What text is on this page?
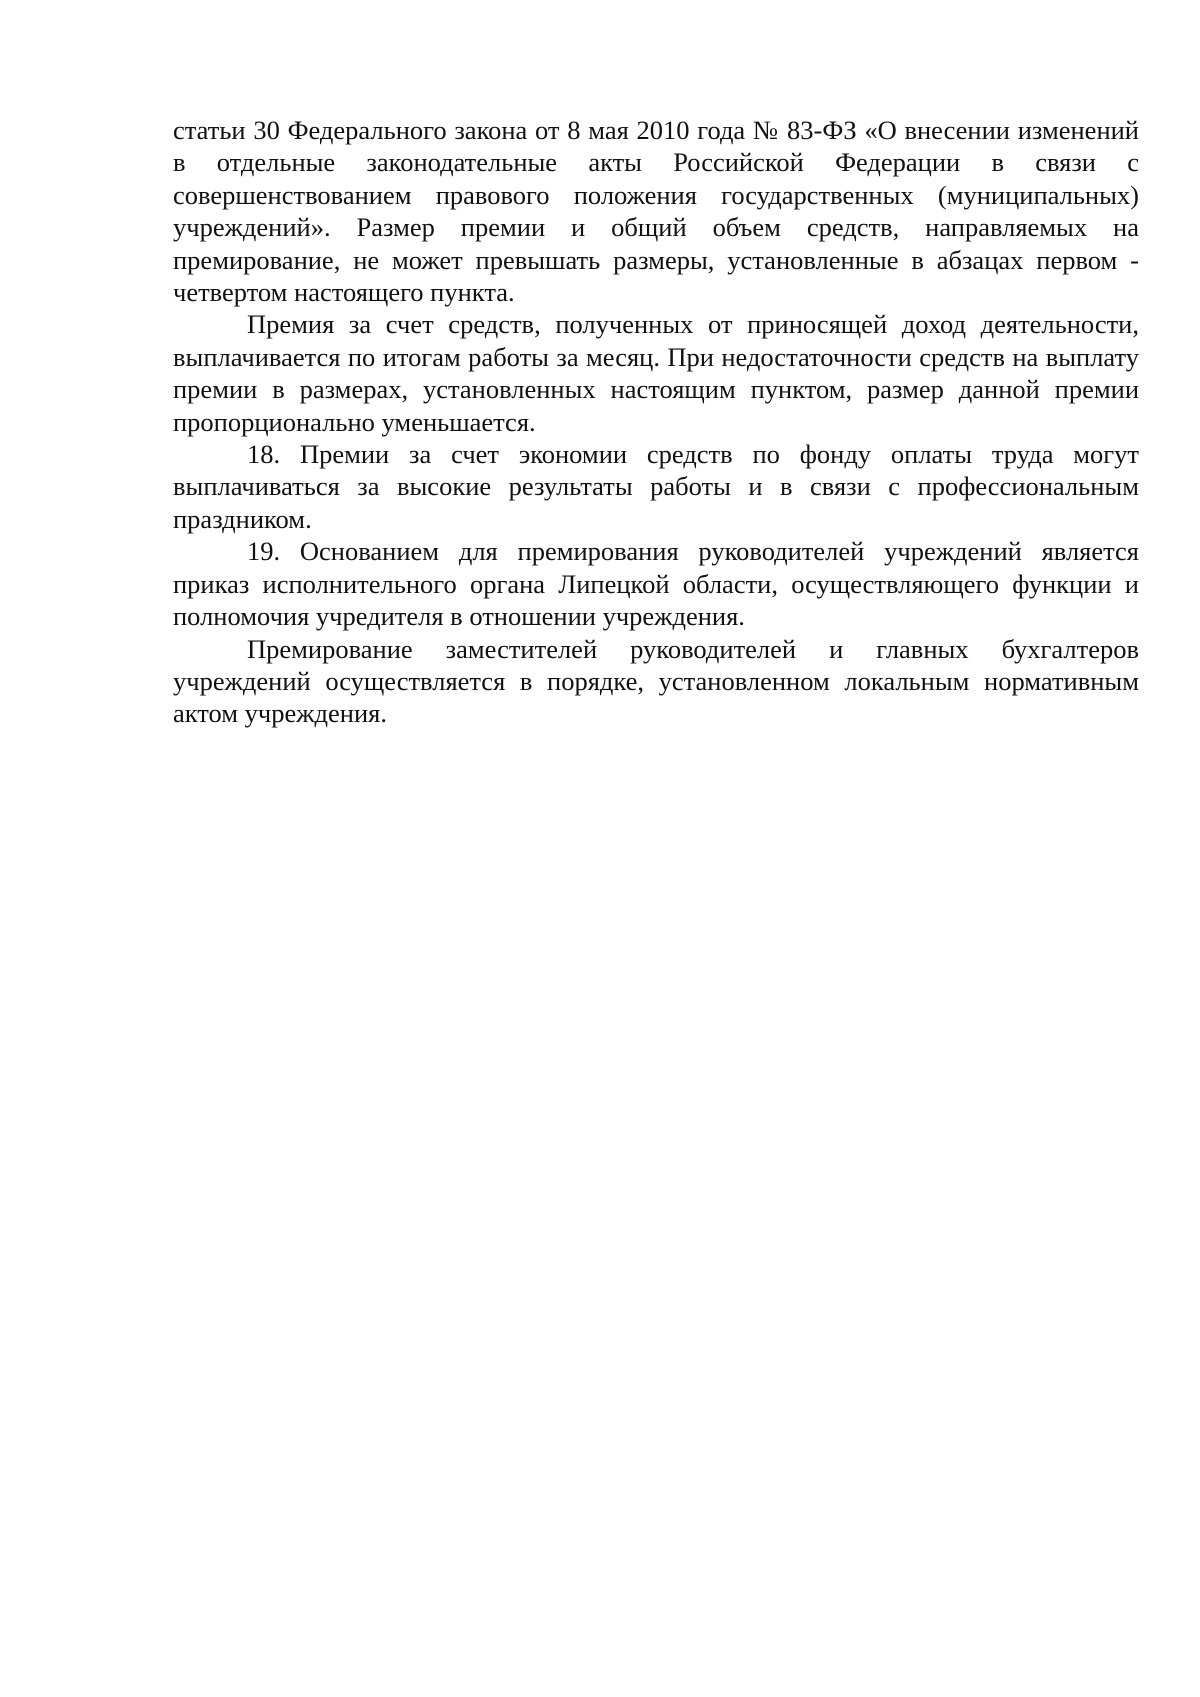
статьи 30 Федерального закона от 8 мая 2010 года № 83-ФЗ «О внесении изменений в отдельные законодательные акты Российской Федерации в связи с совершенствованием правового положения государственных (муниципальных) учреждений». Размер премии и общий объем средств, направляемых на премирование, не может превышать размеры, установленные в абзацах первом - четвертом настоящего пункта.

Премия за счет средств, полученных от приносящей доход деятельности, выплачивается по итогам работы за месяц. При недостаточности средств на выплату премии в размерах, установленных настоящим пунктом, размер данной премии пропорционально уменьшается.

18. Премии за счет экономии средств по фонду оплаты труда могут выплачиваться за высокие результаты работы и в связи с профессиональным праздником.

19. Основанием для премирования руководителей учреждений является приказ исполнительного органа Липецкой области, осуществляющего функции и полномочия учредителя в отношении учреждения.

Премирование заместителей руководителей и главных бухгалтеров учреждений осуществляется в порядке, установленном локальным нормативным актом учреждения.
